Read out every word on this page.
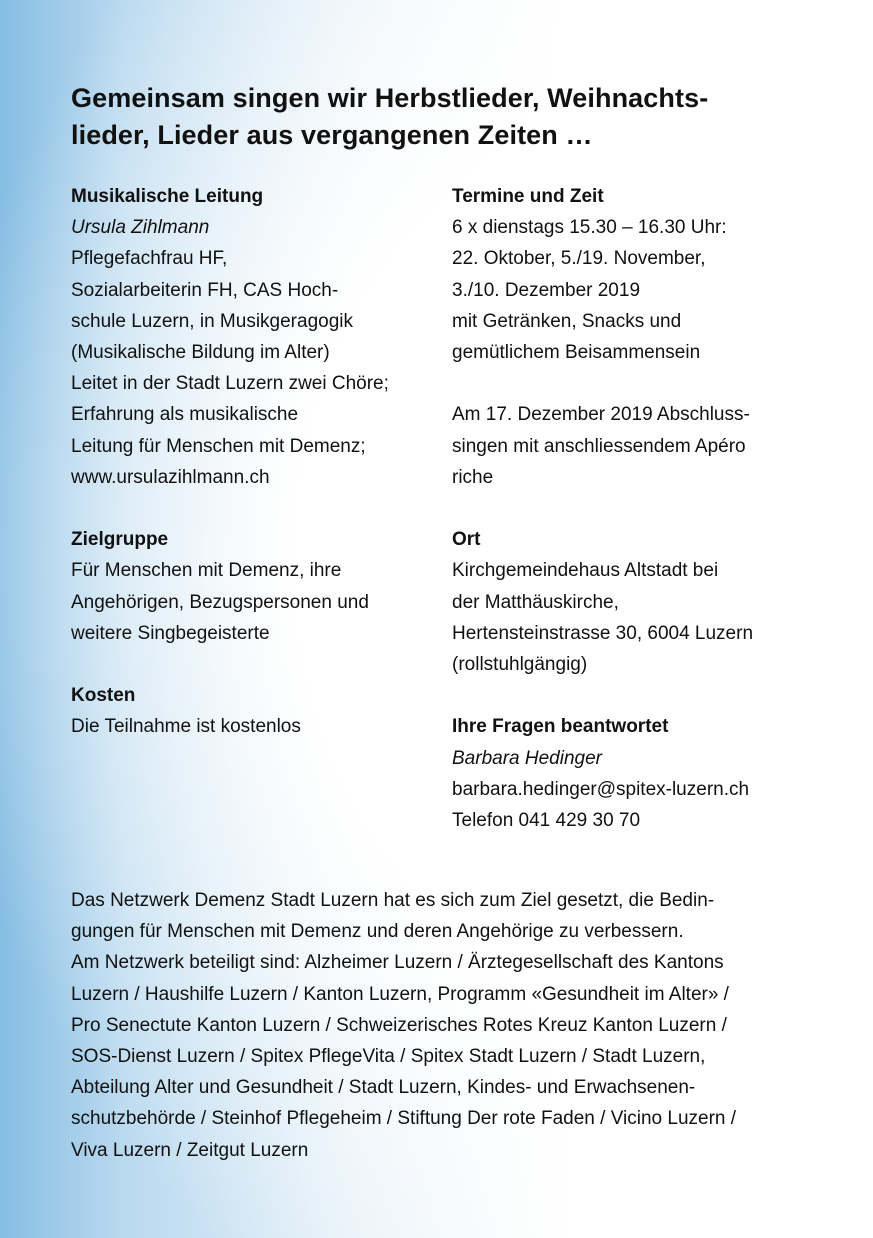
Gemeinsam singen wir Herbstlieder, Weihnachts-
lieder, Lieder aus vergangenen Zeiten …
Musikalische Leitung
Ursula Zihlmann
Pflegefachfrau HF,
Sozialarbeiterin FH, CAS Hoch-
schule Luzern, in Musikgeragogik
(Musikalische Bildung im Alter)
Leitet in der Stadt Luzern zwei Chöre;
Erfahrung als musikalische
Leitung für Menschen mit Demenz;
www.ursulazihlmann.ch
Zielgruppe
Für Menschen mit Demenz, ihre
Angehörigen, Bezugspersonen und
weitere Singbegeisterte
Kosten
Die Teilnahme ist kostenlos
Termine und Zeit
6 x dienstags 15.30 – 16.30 Uhr:
22. Oktober, 5./19. November,
3./10. Dezember 2019
mit Getränken, Snacks und
gemütlichem Beisammensein
Am 17. Dezember 2019 Abschluss-
singen mit anschliessendem Apéro
riche
Ort
Kirchgemeindehaus Altstadt bei
der Matthäuskirche,
Hertensteinstrasse 30, 6004 Luzern
(rollstuhlgängig)
Ihre Fragen beantwortet
Barbara Hedinger
barbara.hedinger@spitex-luzern.ch
Telefon 041 429 30 70
Das Netzwerk Demenz Stadt Luzern hat es sich zum Ziel gesetzt, die Bedin-
gungen für Menschen mit Demenz und deren Angehörige zu verbessern.
Am Netzwerk beteiligt sind: Alzheimer Luzern / Ärztegesellschaft des Kantons
Luzern / Haushilfe Luzern / Kanton Luzern, Programm «Gesundheit im Alter» /
Pro Senectute Kanton Luzern / Schweizerisches Rotes Kreuz Kanton Luzern /
SOS-Dienst Luzern / Spitex PflegeVita / Spitex Stadt Luzern / Stadt Luzern,
Abteilung Alter und Gesundheit / Stadt Luzern, Kindes- und Erwachsenen-
schutzbehörde / Steinhof Pflegeheim / Stiftung Der rote Faden / Vicino Luzern /
Viva Luzern / Zeitgut Luzern
